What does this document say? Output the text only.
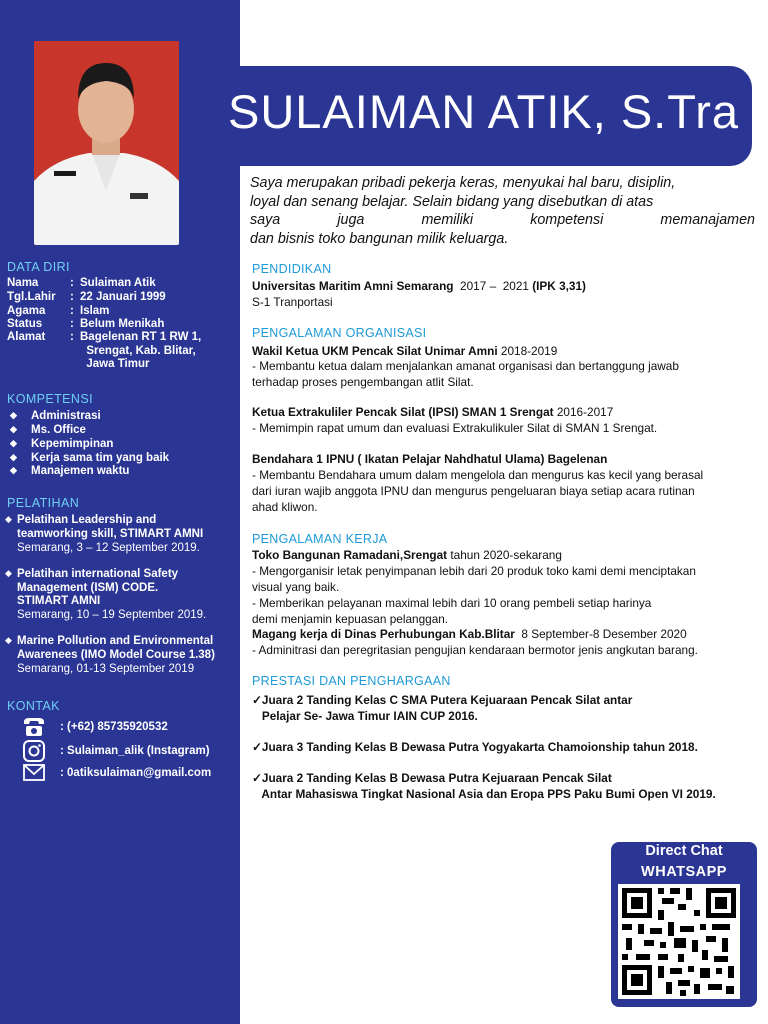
DATA DIRI
Nama	: Sulaiman Atik
Tgl.Lahir	: 22 Januari 1999
Agama	: Islam
Status	: Belum Menikah
Alamat	: Bagelenan RT 1 RW 1,
Srengat, Kab. Blitar,
Jawa Timur
KOMPETENSI
◆ Administrasi
◆ Ms. Office
◆ Kepemimpinan
◆ Kerja sama tim yang baik
◆ Manajemen waktu
PELATIHAN
◆ Pelatihan Leadership and
teamworking skill, STIMART AMNI
Semarang, 3 – 12 September 2019.
◆ Pelatihan international Safety
Management (ISM) CODE.
STIMART AMNI
Semarang, 10 – 19 September 2019.
◆ Marine Pollution and Environmental
Awarenees (IMO Model Course 1.38)
Semarang, 01-13 September 2019
KONTAK
: (+62) 85735920532
: Sulaiman_alik (Instagram)
: 0atiksulaiman@gmail.com
SULAIMAN ATIK, S.Tra
Saya merupakan pribadi pekerja keras, menyukai hal baru, disiplin,
loyal dan senang belajar. Selain bidang yang disebutkan di atas
saya juga memiliki kompetensi memanajamen
dan bisnis toko bangunan milik keluarga.
PENDIDIKAN
Universitas Maritim Amni Semarang  2017 –  2021 (IPK 3,31)
S-1 Tranportasi
PENGALAMAN ORGANISASI
Wakil Ketua UKM Pencak Silat Unimar Amni 2018-2019
- Membantu ketua dalam menjalankan amanat organisasi dan bertanggung jawab
terhadap proses pengembangan atlit Silat.
Ketua Extrakuliler Pencak Silat (IPSI) SMAN 1 Srengat 2016-2017
- Memimpin rapat umum dan evaluasi Extrakulikuler Silat di SMAN 1 Srengat.
Bendahara 1 IPNU ( Ikatan Pelajar Nahdhatul Ulama) Bagelenan
- Membantu Bendahara umum dalam mengelola dan mengurus kas kecil yang berasal
dari iuran wajib anggota IPNU dan mengurus pengeluaran biaya setiap acara rutinan
ahad kliwon.
PENGALAMAN KERJA
Toko Bangunan Ramadani,Srengat tahun 2020-sekarang
- Mengorganisir letak penyimpanan lebih dari 20 produk toko kami demi menciptakan
visual yang baik.
- Memberikan pelayanan maximal lebih dari 10 orang pembeli setiap harinya
demi menjamin kepuasan pelanggan.
Magang kerja di Dinas Perhubungan Kab.Blitar  8 September-8 Desember 2020
- Adminitrasi dan peregritasian pengujian kendaraan bermotor jenis angkutan barang.
PRESTASI DAN PENGHARGAAN
✓Juara 2 Tanding Kelas C SMA Putera Kejuaraan Pencak Silat antar
Pelajar Se- Jawa Timur IAIN CUP 2016.
✓Juara 3 Tanding Kelas B Dewasa Putra Yogyakarta Chamoionship tahun 2018.
✓Juara 2 Tanding Kelas B Dewasa Putra Kejuaraan Pencak Silat
Antar Mahasiswa Tingkat Nasional Asia dan Eropa PPS Paku Bumi Open VI 2019.
Direct Chat
WHATSAPP
